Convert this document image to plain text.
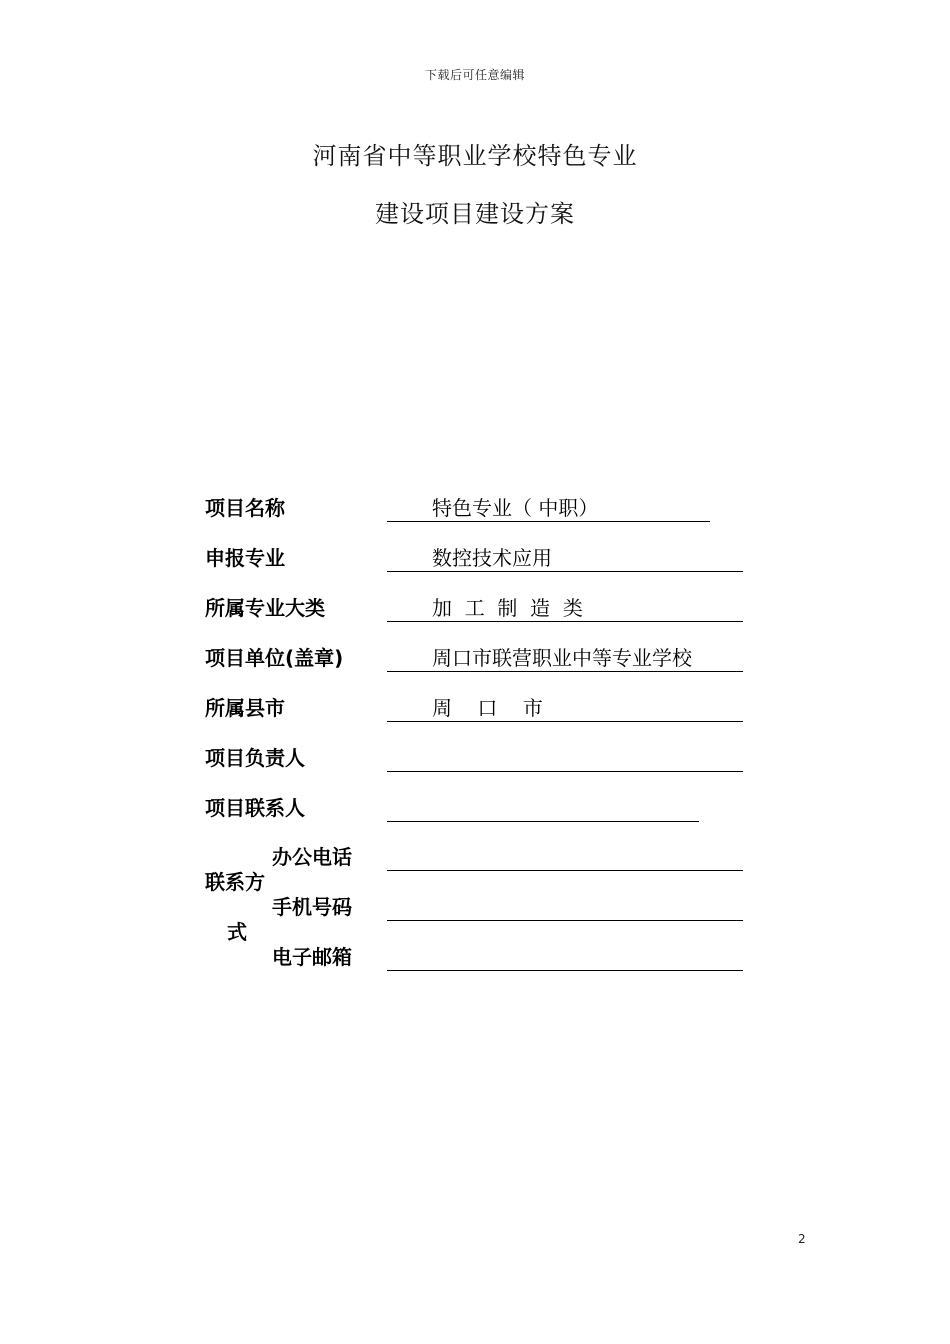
下载后可任意编辑
河南省中等职业学校特色专业
建设项目建设方案
项目名称	特色专业（ 中职）
申报专业	数控技术应用
所属专业大类	加  工  制  造  类
项目单位(盖章)	周口市联营职业中等专业学校
所属县市	周    口    市
项目负责人
项目联系人
联系方
式
办公电话
手机号码
电子邮箱
2
